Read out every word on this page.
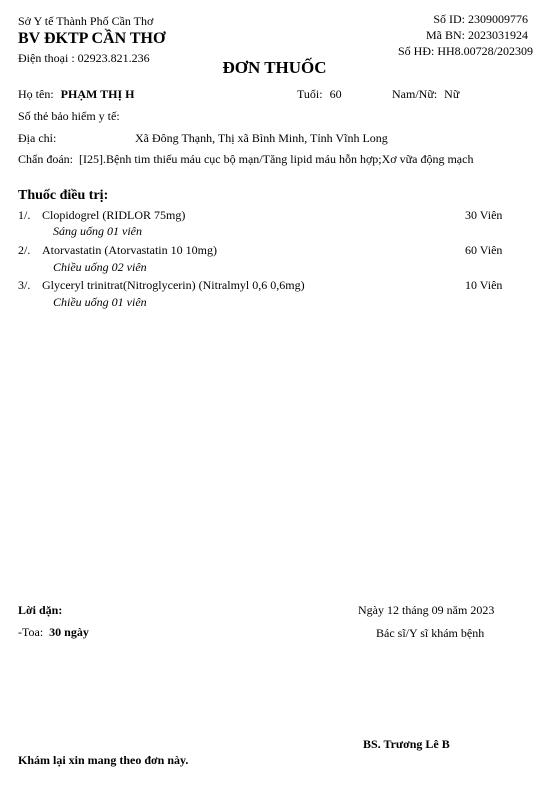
Sở Y tế Thành Phố Cần Thơ
BV ĐKTP CẦN THƠ
Điện thoại : 02923.821.236
Số ID: 2309009776
Mã BN: 2023031924
Số HĐ: HH8.00728/202309
ĐƠN THUỐC
Họ tên: PHẠM THỊ H	Tuổi: 60	Nam/Nữ: Nữ
Số thẻ bảo hiểm y tế:
Địa chỉ:	Xã Đông Thạnh, Thị xã Bình Minh, Tỉnh Vĩnh Long
Chẩn đoán: [I25].Bệnh tim thiếu máu cục bộ mạn/Tăng lipid máu hỗn hợp;Xơ vữa động mạch
Thuốc điều trị:
1/. Clopidogrel (RIDLOR 75mg)	30 Viên
Sáng uống 01 viên
2/. Atorvastatin (Atorvastatin 10 10mg)	60 Viên
Chiều uống 02 viên
3/. Glyceryl trinitrat(Nitroglycerin) (Nitralmyl 0,6 0,6mg)	10 Viên
Chiều uống 01 viên
Lời dặn:
-Toa: 30 ngày
Ngày 12 tháng 09 năm 2023
Bác sĩ/Y sĩ khám bệnh
BS. Trương Lê B
Khám lại xin mang theo đơn này.
